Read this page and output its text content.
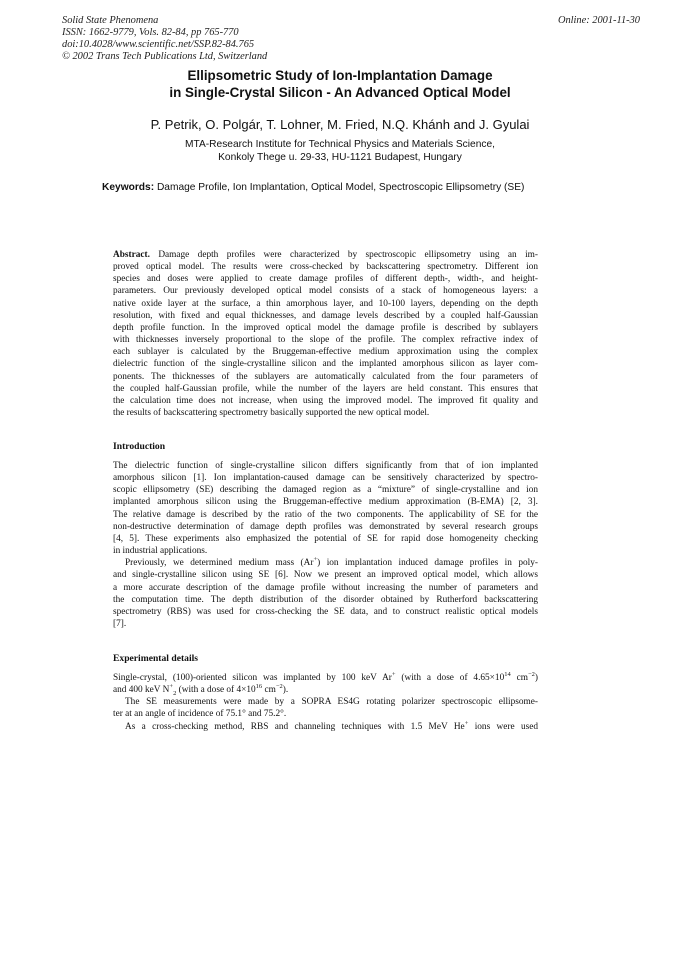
Solid State Phenomena
ISSN: 1662-9779, Vols. 82-84, pp 765-770
doi:10.4028/www.scientific.net/SSP.82-84.765
© 2002 Trans Tech Publications Ltd, Switzerland
Online: 2001-11-30
Ellipsometric Study of Ion-Implantation Damage
in Single-Crystal Silicon - An Advanced Optical Model
P. Petrik, O. Polgár, T. Lohner, M. Fried, N.Q. Khánh and J. Gyulai
MTA-Research Institute for Technical Physics and Materials Science,
Konkoly Thege u. 29-33, HU-1121 Budapest, Hungary
Keywords: Damage Profile, Ion Implantation, Optical Model, Spectroscopic Ellipsometry (SE)
Abstract. Damage depth profiles were characterized by spectroscopic ellipsometry using an im-
proved optical model. The results were cross-checked by backscattering spectrometry. Different ion
species and doses were applied to create damage profiles of different depth-, width-, and height-
parameters. Our previously developed optical model consists of a stack of homogeneous layers: a
native oxide layer at the surface, a thin amorphous layer, and 10-100 layers, depending on the depth
resolution, with fixed and equal thicknesses, and damage levels described by a coupled half-Gaussian
depth profile function. In the improved optical model the damage profile is described by sublayers
with thicknesses inversely proportional to the slope of the profile. The complex refractive index of
each sublayer is calculated by the Bruggeman-effective medium approximation using the complex
dielectric function of the single-crystalline silicon and the implanted amorphous silicon as layer com-
ponents. The thicknesses of the sublayers are automatically calculated from the four parameters of
the coupled half-Gaussian profile, while the number of the layers are held constant. This ensures that
the calculation time does not increase, when using the improved model. The improved fit quality and
the results of backscattering spectrometry basically supported the new optical model.
Introduction
The dielectric function of single-crystalline silicon differs significantly from that of ion implanted
amorphous silicon [1]. Ion implantation-caused damage can be sensitively characterized by spectro-
scopic ellipsometry (SE) describing the damaged region as a “mixture” of single-crystalline and ion
implanted amorphous silicon using the Bruggeman-effective medium approximation (B-EMA) [2, 3].
The relative damage is described by the ratio of the two components. The applicability of SE for the
non-destructive determination of damage depth profiles was demonstrated by several research groups
[4, 5]. These experiments also emphasized the potential of SE for rapid dose homogeneity checking
in industrial applications.
Previously, we determined medium mass (Ar+) ion implantation induced damage profiles in poly-
and single-crystalline silicon using SE [6]. Now we present an improved optical model, which allows
a more accurate description of the damage profile without increasing the number of parameters and
the computation time. The depth distribution of the disorder obtained by Rutherford backscattering
spectrometry (RBS) was used for cross-checking the SE data, and to construct realistic optical models
[7].
Experimental details
Single-crystal, (100)-oriented silicon was implanted by 100 keV Ar+ (with a dose of $4.65\times 10^{14}$ $cm^{-2}$)
and 400 keV $N^+_2$ (with a dose of $4\times 10^{16}$ $cm^{-2}$).
The SE measurements were made by a SOPRA ES4G rotating polarizer spectroscopic ellipsome-
ter at an angle of incidence of 75.1° and 75.2°.
As a cross-checking method, RBS and channeling techniques with 1.5 MeV He+ ions were used
